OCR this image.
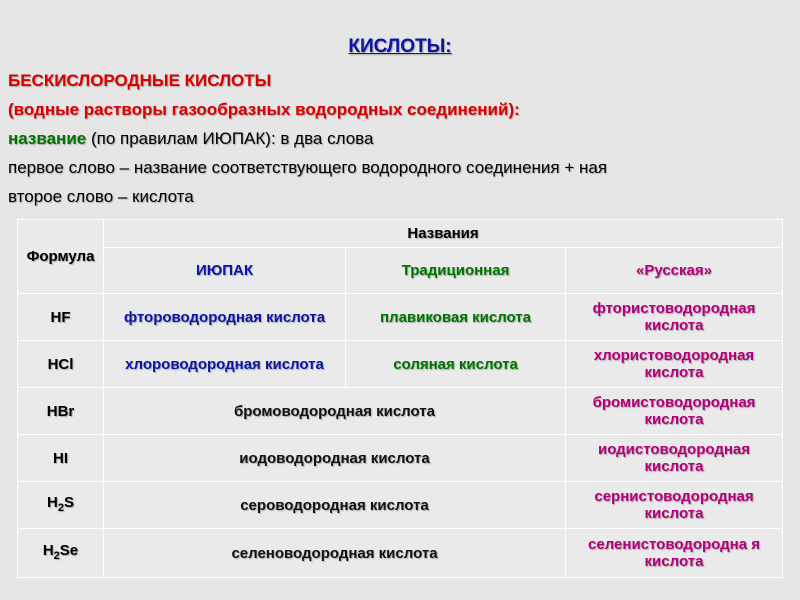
КИСЛОТЫ:
БЕСКИСЛОРОДНЫЕ КИСЛОТЫ
(водные растворы газообразных водородных соединений):
название (по правилам ИЮПАК): в два слова
первое слово – название соответствующего водородного соединения + ная
второе слово – кислота
Формула	Названия		
	ИЮПАК	Традиционная	«Русская»
HF	фтороводородная кислота	плавиковая кислота	фтористоводородная кислота
HCl	хлороводородная кислота	соляная кислота	хлористоводородная кислота
HBr	бромоводородная кислота		бромистоводородная кислота
HI	иодоводородная кислота		иодистоводородная кислота
$H_2S$	сероводородная кислота		сернистоводородная кислота
$H_2Se$	селеноводородная кислота		селенистоводородна я кислота
